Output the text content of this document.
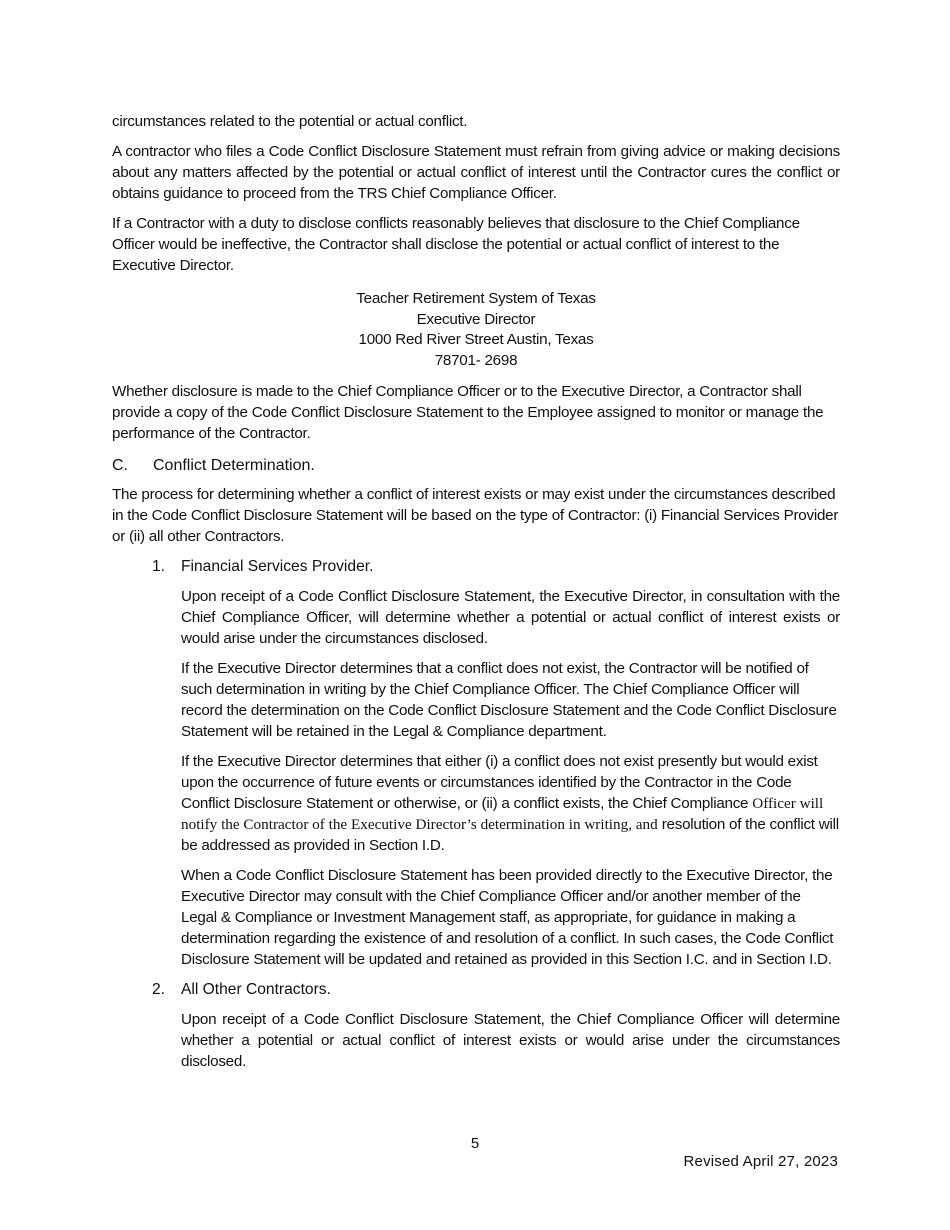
circumstances related to the potential or actual conflict.

A contractor who files a Code Conflict Disclosure Statement must refrain from giving advice or making decisions about any matters affected by the potential or actual conflict of interest until the Contractor cures the conflict or obtains guidance to proceed from the TRS Chief Compliance Officer.

If a Contractor with a duty to disclose conflicts reasonably believes that disclosure to the Chief Compliance Officer would be ineffective, the Contractor shall disclose the potential or actual conflict of interest to the Executive Director.

Teacher Retirement System of Texas
Executive Director
1000 Red River Street Austin, Texas
78701- 2698

Whether disclosure is made to the Chief Compliance Officer or to the Executive Director, a Contractor shall provide a copy of the Code Conflict Disclosure Statement to the Employee assigned to monitor or manage the performance of the Contractor.

C. Conflict Determination.

The process for determining whether a conflict of interest exists or may exist under the circumstances described in the Code Conflict Disclosure Statement will be based on the type of Contractor: (i) Financial Services Provider or (ii) all other Contractors.

1. Financial Services Provider.

Upon receipt of a Code Conflict Disclosure Statement, the Executive Director, in consultation with the Chief Compliance Officer, will determine whether a potential or actual conflict of interest exists or would arise under the circumstances disclosed.

If the Executive Director determines that a conflict does not exist, the Contractor will be notified of such determination in writing by the Chief Compliance Officer. The Chief Compliance Officer will record the determination on the Code Conflict Disclosure Statement and the Code Conflict Disclosure Statement will be retained in the Legal & Compliance department.

If the Executive Director determines that either (i) a conflict does not exist presently but would exist upon the occurrence of future events or circumstances identified by the Contractor in the Code Conflict Disclosure Statement or otherwise, or (ii) a conflict exists, the Chief Compliance Officer will notify the Contractor of the Executive Director’s determination in writing, and resolution of the conflict will be addressed as provided in Section I.D.

When a Code Conflict Disclosure Statement has been provided directly to the Executive Director, the Executive Director may consult with the Chief Compliance Officer and/or another member of the Legal & Compliance or Investment Management staff, as appropriate, for guidance in making a determination regarding the existence of and resolution of a conflict. In such cases, the Code Conflict Disclosure Statement will be updated and retained as provided in this Section I.C. and in Section I.D.

2. All Other Contractors.

Upon receipt of a Code Conflict Disclosure Statement, the Chief Compliance Officer will determine whether a potential or actual conflict of interest exists or would arise under the circumstances disclosed.

5
Revised April 27, 2023
